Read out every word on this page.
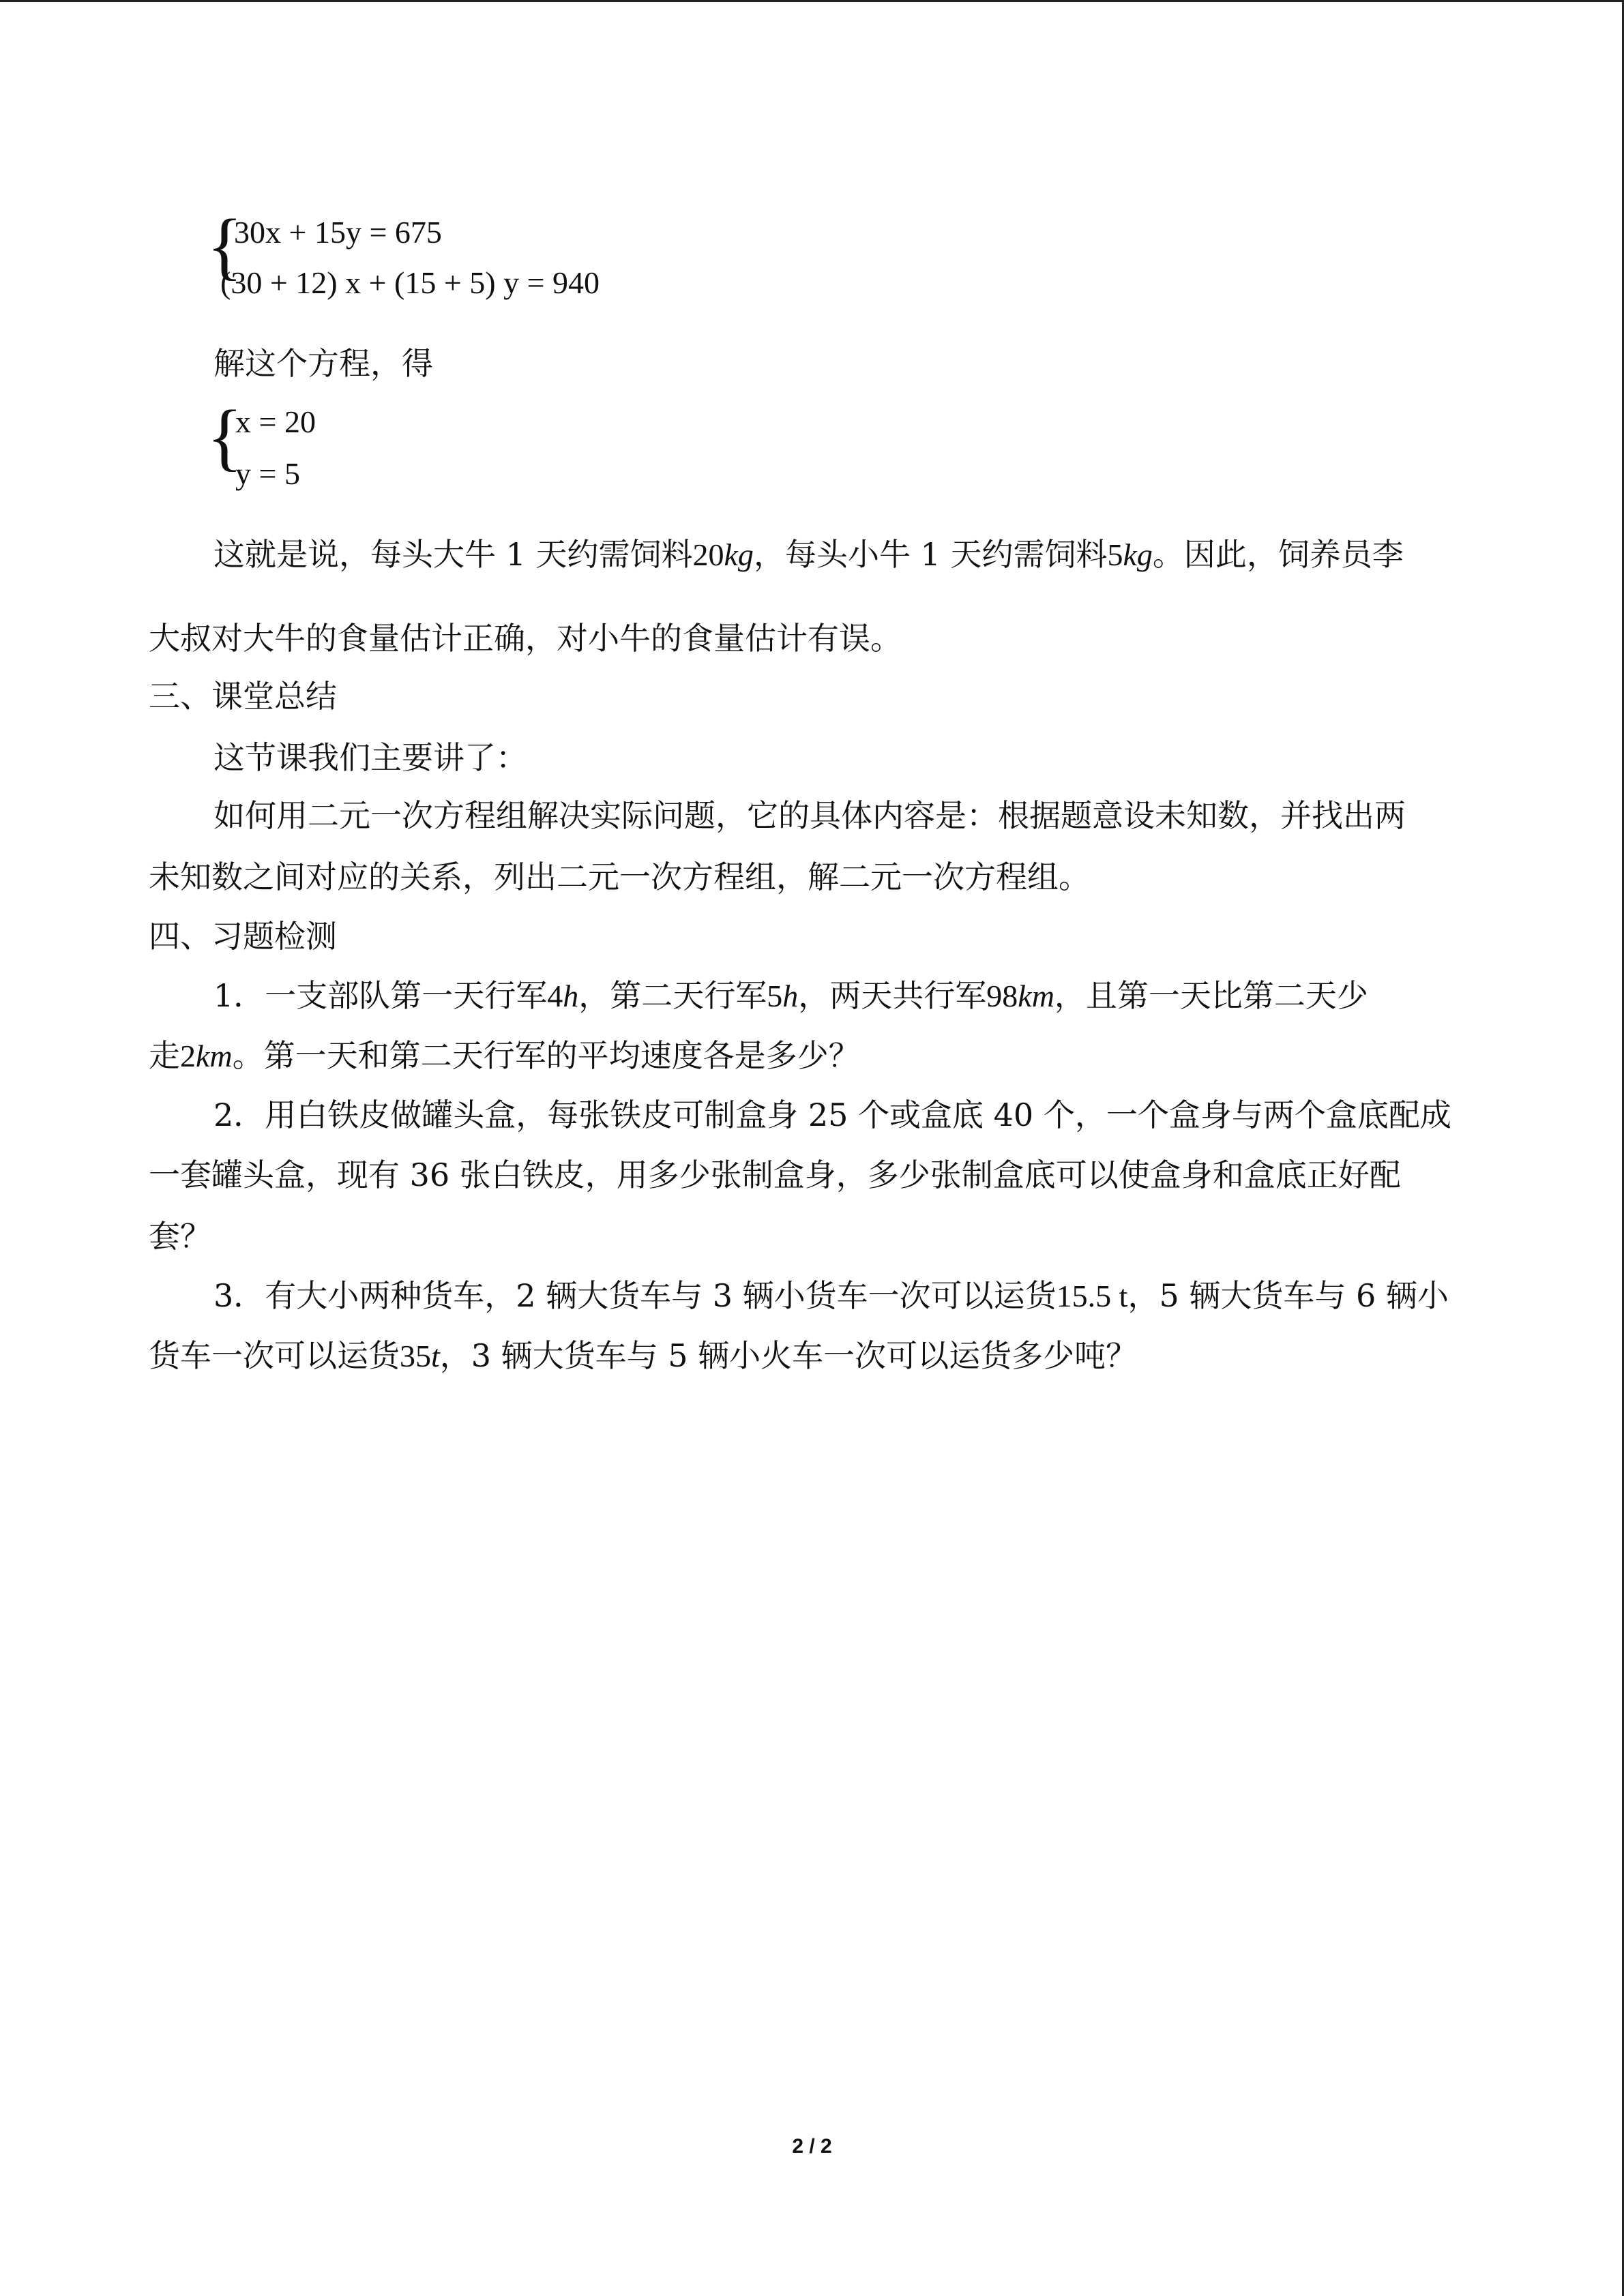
{
30x + 15y = 675
(30 + 12) x + (15 + 5) y = 940
解这个方程，得
{
x = 20
y = 5
这就是说，每头大牛 1 天约需饲料20kg，每头小牛 1 天约需饲料5kg。因此，饲养员李
大叔对大牛的食量估计正确，对小牛的食量估计有误。
三、课堂总结
这节课我们主要讲了：
如何用二元一次方程组解决实际问题，它的具体内容是：根据题意设未知数，并找出两
未知数之间对应的关系，列出二元一次方程组，解二元一次方程组。
四、习题检测
1．一支部队第一天行军4h，第二天行军5h，两天共行军98km，且第一天比第二天少
走2km。第一天和第二天行军的平均速度各是多少？
2．用白铁皮做罐头盒，每张铁皮可制盒身 25 个或盒底 40 个，一个盒身与两个盒底配成
一套罐头盒，现有 36 张白铁皮，用多少张制盒身，多少张制盒底可以使盒身和盒底正好配
套？
3．有大小两种货车，2 辆大货车与 3 辆小货车一次可以运货15.5 t，5 辆大货车与 6 辆小
货车一次可以运货35t，3 辆大货车与 5 辆小火车一次可以运货多少吨？
2 / 2
